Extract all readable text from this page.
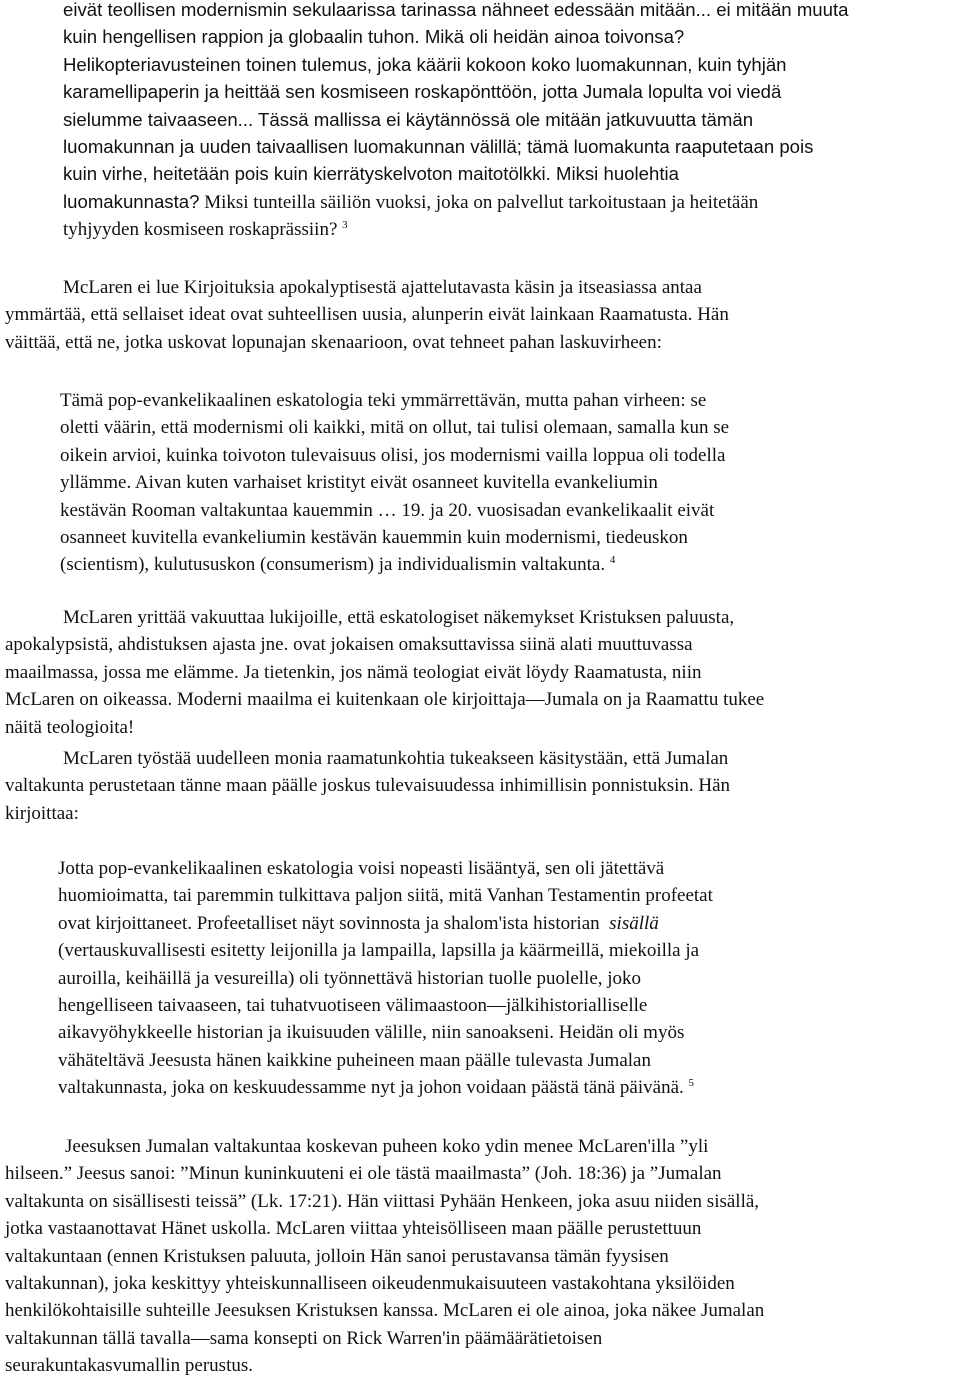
eivät teollisen modernismin sekulaarissa tarinassa nähneet edessään mitään... ei mitään muuta
kuin hengellisen rappion ja globaalin tuhon. Mikä oli heidän ainoa toivonsa?
Helikopteriavusteinen toinen tulemus, joka käärii kokoon koko luomakunnan, kuin tyhjän
karamellipaperin ja heittää sen kosmiseen roskapönttöön, jotta Jumala lopulta voi viedä
sielumme taivaaseen... Tässä mallissa ei käytännössä ole mitään jatkuvuutta tämän
luomakunnan ja uuden taivaallisen luomakunnan välillä; tämä luomakunta raaputetaan pois
kuin virhe, heitetään pois kuin kierrätyskelvoton maitotölkki. Miksi huolehtia
luomakunnasta? Miksi tunteilla säiliön vuoksi, joka on palvellut tarkoitustaan ja heitetään
tyhjyyden kosmiseen roskaprässiin? $^3$
McLaren ei lue Kirjoituksia apokalyptisestä ajattelutavasta käsin ja itseasiassa antaa
ymmärtää, että sellaiset ideat ovat suhteellisen uusia, alunperin eivät lainkaan Raamatusta. Hän
väittää, että ne, jotka uskovat lopunajan skenaarioon, ovat tehneet pahan laskuvirheen:
Tämä pop-evankelikaalinen eskatologia teki ymmärrettävän, mutta pahan virheen: se
oletti väärin, että modernismi oli kaikki, mitä on ollut, tai tulisi olemaan, samalla kun se
oikein arvioi, kuinka toivoton tulevaisuus olisi, jos modernismi vailla loppua oli todella
yllämme. Aivan kuten varhaiset kristityt eivät osanneet kuvitella evankeliumin
kestävän Rooman valtakuntaa kauemmin … 19. ja 20. vuosisadan evankelikaalit eivät
osanneet kuvitella evankeliumin kestävän kauemmin kuin modernismi, tiedeuskon
(scientism), kulutususkon (consumerism) ja individualismin valtakunta. $^4$
McLaren yrittää vakuuttaa lukijoille, että eskatologiset näkemykset Kristuksen paluusta,
apokalypsistä, ahdistuksen ajasta jne. ovat jokaisen omaksuttavissa siinä alati muuttuvassa
maailmassa, jossa me elämme. Ja tietenkin, jos nämä teologiat eivät löydy Raamatusta, niin
McLaren on oikeassa. Moderni maailma ei kuitenkaan ole kirjoittaja—Jumala on ja Raamattu tukee
näitä teologioita!
McLaren työstää uudelleen monia raamatunkohtia tukeakseen käsitystään, että Jumalan
valtakunta perustetaan tänne maan päälle joskus tulevaisuudessa inhimillisin ponnistuksin. Hän
kirjoittaa:
Jotta pop-evankelikaalinen eskatologia voisi nopeasti lisääntyä, sen oli jätettävä
huomioimatta, tai paremmin tulkittava paljon siitä, mitä Vanhan Testamentin profeetat
ovat kirjoittaneet. Profeetalliset näyt sovinnosta ja shalom'ista historian sisällä
(vertauskuvallisesti esitetty leijonilla ja lampailla, lapsilla ja käärmeillä, miekoilla ja
auroilla, keihäillä ja vesureilla) oli työnnettävä historian tuolle puolelle, joko
hengelliseen taivaaseen, tai tuhatvuotiseen välimaastoon—jälkihistorialliselle
aikavyöhykkeelle historian ja ikuisuuden välille, niin sanoakseni. Heidän oli myös
vähäteltävä Jeesusta hänen kaikkine puheineen maan päälle tulevasta Jumalan
valtakunnasta, joka on keskuudessamme nyt ja johon voidaan päästä tänä päivänä. $^5$
Jeesuksen Jumalan valtakuntaa koskevan puheen koko ydin menee McLaren'illa ”yli
hilseen.” Jeesus sanoi: ”Minun kuninkuuteni ei ole tästä maailmasta” (Joh. 18:36) ja ”Jumalan
valtakunta on sisällisesti teissä” (Lk. 17:21). Hän viittasi Pyhään Henkeen, joka asuu niiden sisällä,
jotka vastaanottavat Hänet uskolla. McLaren viittaa yhteisölliseen maan päälle perustettuun
valtakuntaan (ennen Kristuksen paluuta, jolloin Hän sanoi perustavansa tämän fyysisen
valtakunnan), joka keskittyy yhteiskunnalliseen oikeudenmukaisuuteen vastakohtana yksilöiden
henkilökohtaisille suhteille Jeesuksen Kristuksen kanssa. McLaren ei ole ainoa, joka näkee Jumalan
valtakunnan tällä tavalla—sama konsepti on Rick Warren'in päämäärätietoisen
seurakuntakasvumallin perustus.
